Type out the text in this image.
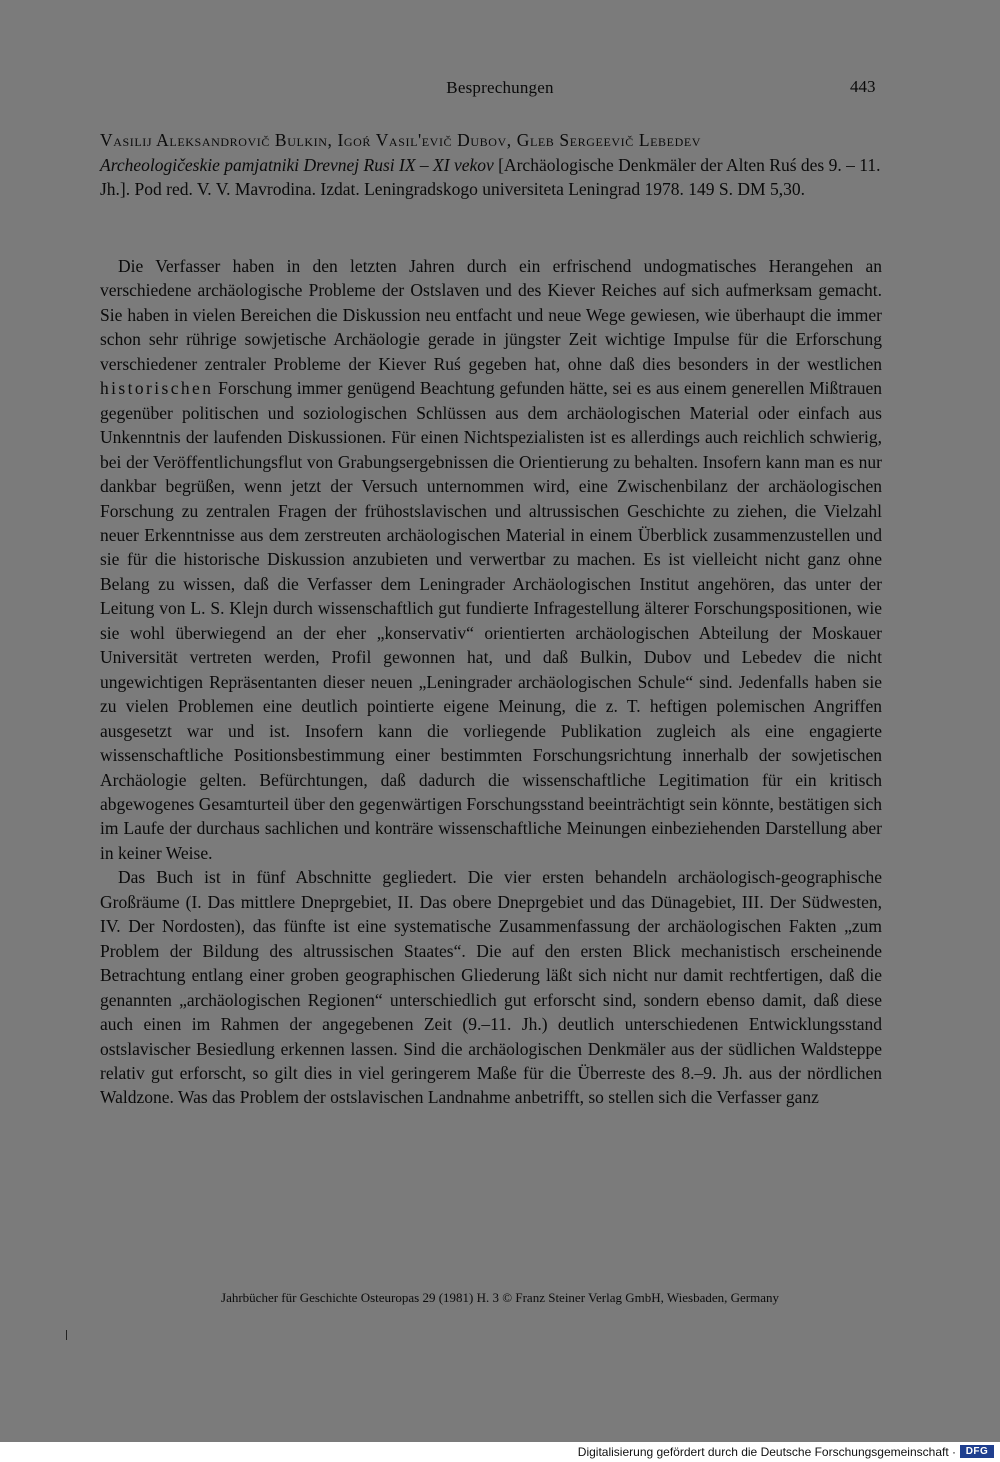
Besprechungen	443
Vasilij Aleksandrovič Bulkin, Igoŕ Vasil'evič Dubov, Gleb Sergeevič Lebedev
Archeologičeskie pamjatniki Drevnej Rusi IX – XI vekov [Archäologische Denkmäler der Alten Ruś des 9. – 11. Jh.]. Pod red. V. V. Mavrodina. Izdat. Leningradskogo universiteta Leningrad 1978. 149 S. DM 5,30.

Die Verfasser haben in den letzten Jahren durch ein erfrischend undogmatisches Herangehen an verschiedene archäologische Probleme der Ostslaven und des Kiever Reiches auf sich aufmerksam gemacht. Sie haben in vielen Bereichen die Diskussion neu entfacht und neue Wege gewiesen, wie überhaupt die immer schon sehr rührige sowjetische Archäologie gerade in jüngster Zeit wichtige Impulse für die Erforschung verschiedener zentraler Probleme der Kiever Ruś gegeben hat, ohne daß dies besonders in der westlichen historischen Forschung immer genügend Beachtung gefunden hätte, sei es aus einem generellen Mißtrauen gegenüber politischen und soziologischen Schlüssen aus dem archäologischen Material oder einfach aus Unkenntnis der laufenden Diskussionen. Für einen Nichtspezialisten ist es allerdings auch reichlich schwierig, bei der Veröffentlichungsflut von Grabungsergebnissen die Orientierung zu behalten. Insofern kann man es nur dankbar begrüßen, wenn jetzt der Versuch unternommen wird, eine Zwischenbilanz der archäologischen Forschung zu zentralen Fragen der frühostslavischen und altrussischen Geschichte zu ziehen, die Vielzahl neuer Erkenntnisse aus dem zerstreuten archäologischen Material in einem Überblick zusammenzustellen und sie für die historische Diskussion anzubieten und verwertbar zu machen. Es ist vielleicht nicht ganz ohne Belang zu wissen, daß die Verfasser dem Leningrader Archäologischen Institut angehören, das unter der Leitung von L. S. Klejn durch wissenschaftlich gut fundierte Infragestellung älterer Forschungspositionen, wie sie wohl überwiegend an der eher „konservativ“ orientierten archäologischen Abteilung der Moskauer Universität vertreten werden, Profil gewonnen hat, und daß Bulkin, Dubov und Lebedev die nicht ungewichtigen Repräsentanten dieser neuen „Leningrader archäologischen Schule“ sind. Jedenfalls haben sie zu vielen Problemen eine deutlich pointierte eigene Meinung, die z. T. heftigen polemischen Angriffen ausgesetzt war und ist. Insofern kann die vorliegende Publikation zugleich als eine engagierte wissenschaftliche Positionsbestimmung einer bestimmten Forschungsrichtung innerhalb der sowjetischen Archäologie gelten. Befürchtungen, daß dadurch die wissenschaftliche Legitimation für ein kritisch abgewogenes Gesamturteil über den gegenwärtigen Forschungsstand beeinträchtigt sein könnte, bestätigen sich im Laufe der durchaus sachlichen und konträre wissenschaftliche Meinungen einbeziehenden Darstellung aber in keiner Weise.

Das Buch ist in fünf Abschnitte gegliedert. Die vier ersten behandeln archäologisch-geographische Großräume (I. Das mittlere Dneprgebiet, II. Das obere Dneprgebiet und das Dünagebiet, III. Der Südwesten, IV. Der Nordosten), das fünfte ist eine systematische Zusammenfassung der archäologischen Fakten „zum Problem der Bildung des altrussischen Staates“. Die auf den ersten Blick mechanistisch erscheinende Betrachtung entlang einer groben geographischen Gliederung läßt sich nicht nur damit rechtfertigen, daß die genannten „archäologischen Regionen“ unterschiedlich gut erforscht sind, sondern ebenso damit, daß diese auch einen im Rahmen der angegebenen Zeit (9.–11. Jh.) deutlich unterschiedenen Entwicklungsstand ostslavischer Besiedlung erkennen lassen. Sind die archäologischen Denkmäler aus der südlichen Waldsteppe relativ gut erforscht, so gilt dies in viel geringerem Maße für die Überreste des 8.–9. Jh. aus der nördlichen Waldzone. Was das Problem der ostslavischen Landnahme anbetrifft, so stellen sich die Verfasser ganz

Jahrbücher für Geschichte Osteuropas 29 (1981) H. 3 © Franz Steiner Verlag GmbH, Wiesbaden, Germany
Digitalisierung gefördert durch die Deutsche Forschungsgemeinschaft · DFG
